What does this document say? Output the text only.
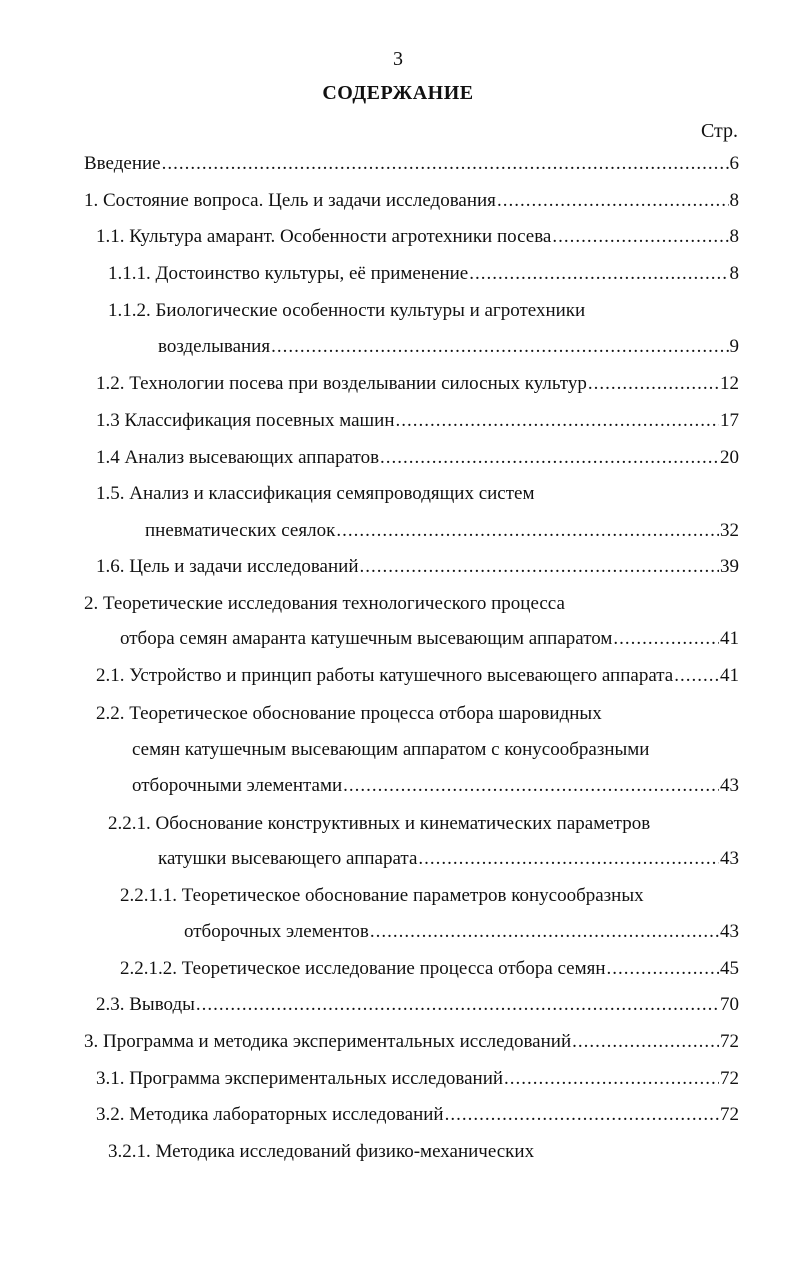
3
СОДЕРЖАНИЕ
Стр.
Введение .....	6
1. Состояние вопроса. Цель и задачи исследования .....	8
1.1. Культура амарант. Особенности агротехники посева .....	8
1.1.1. Достоинство культуры, её применение .....	8
1.1.2. Биологические особенности культуры и агротехники
возделывания .....	9
1.2. Технологии посева при возделывании силосных культур .....	12
1.3 Классификация посевных машин .....	17
1.4 Анализ высевающих аппаратов .....	20
1.5. Анализ и классификация семяпроводящих систем
пневматических сеялок .....	32
1.6. Цель и задачи исследований .....	39
2. Теоретические исследования технологического процесса
отбора семян амаранта катушечным высевающим аппаратом .....	41
2.1. Устройство и принцип работы катушечного высевающего аппарата ..... 41
2.2. Теоретическое обоснование процесса отбора шаровидных
семян катушечным высевающим аппаратом с конусообразными
отборочными элементами .....	43
2.2.1. Обоснование конструктивных и кинематических параметров
катушки высевающего аппарата .....	43
2.2.1.1. Теоретическое обоснование параметров конусообразных
отборочных элементов .....	43
2.2.1.2. Теоретическое исследование процесса отбора семян .....	45
2.3. Выводы .....	70
3. Программа и методика экспериментальных исследований .....	72
3.1. Программа экспериментальных исследований .....	72
3.2. Методика лабораторных исследований .....	72
3.2.1. Методика исследований физико-механических
